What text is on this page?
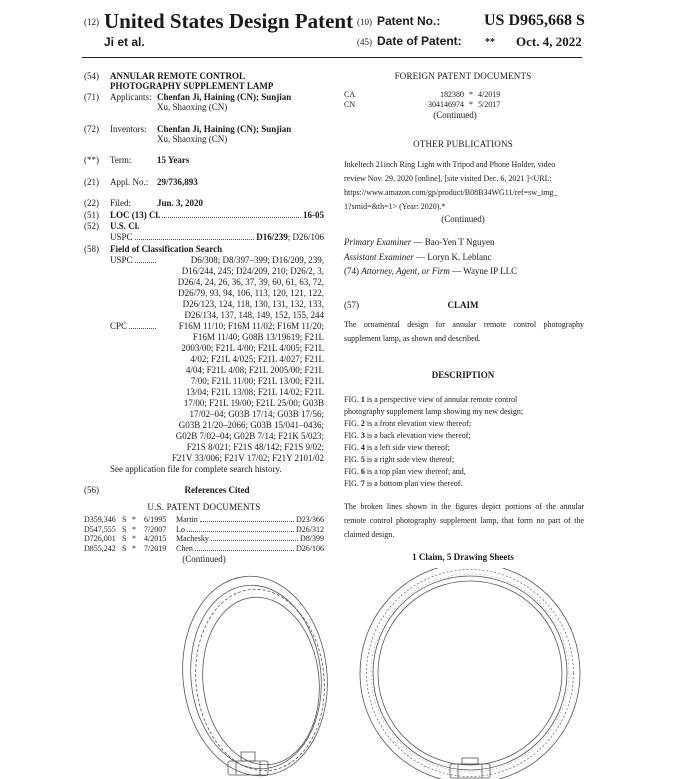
(12) United States Design Patent
Ji et al.
(10) Patent No.:	US D965,668 S
(45) Date of Patent: ** Oct. 4, 2022
(54) ANNULAR REMOTE CONTROL
PHOTOGRAPHY SUPPLEMENT LAMP
(71) Applicants: Chenfan Ji, Haining (CN); Sunjian
Xu, Shaoxing (CN)
(72) Inventors: Chenfan Ji, Haining (CN); Sunjian
Xu, Shaoxing (CN)
(**) Term:	15 Years
(21) Appl. No.: 29/736,893
(22) Filed:	Jun. 3, 2020
(51) LOC (13) Cl.	16-05
(52) U.S. Cl.
USPC	D16/239 ; D26/106
(58) Field of Classification Search
USPC	D6/308; D8/397–399; D16/209, 239,
D16/244, 245; D24/209, 210; D26/2, 3,
D26/4, 24, 26, 36, 37, 39, 60, 61, 63, 72,
D26/79, 93, 94, 106, 113, 120, 121, 122,
D26/123, 124, 118, 130, 131, 132, 133,
D26/134, 137, 148, 149, 152, 155, 244
CPC	F16M 11/10; F16M 11/02; F16M 11/20;
F16M 11/40; G08B 13/19619; F21L
2003/00; F21L 4/00; F21L 4/005; F21L
4/02; F21L 4/025; F21L 4/027; F21L
4/04; F21L 4/08; F21L 2005/00; F21L
7/00; F21L 11/00; F21L 13/00; F21L
13/04; F21L 13/08; F21L 14/02; F21L
17/00; F21L 19/00; F21L 25/00; G03B
17/02–04; G03B 17/14; G03B 17/56;
G03B 21/20–2066; G03B 15/041–0436;
G02B 7/02–04; G02B 7/14; F21K 5/023;
F21S 8/021; F21S 48/142; F21S 9/02;
F21V 33/006; F21V 17/02; F21Y 2101/02
See application file for complete search history.
(56)	References Cited
U.S. PATENT DOCUMENTS
D359,346 S *	6/1995	Martin	D23/366
D547,555 S *	7/2007	Lo	D26/312
D726,001 S *	4/2015	Machesky	D8/399
D855,242 S *	7/2019	Chen	D26/106
(Continued)
FOREIGN PATENT DOCUMENTS
CA	182380 * 4/2019
CN	304146974 * 5/2017
(Continued)
OTHER PUBLICATIONS
Inkeltech 21inch Ring Light with Tripod and Phone Holder, video
review Nov. 29, 2020 [online], [site visited Dec. 6, 2021 ]<URL:
https://www.amazon.com/gp/product/B08B34WG11/ref=sw_img_
1?smid=&th=1> (Year: 2020).*
(Continued)
Primary Examiner — Bao-Yen T Nguyen
Assistant Examiner — Loryn K. Leblanc
(74) Attorney, Agent, or Firm — Wayne IP LLC
(57)	CLAIM
The ornamental design for annular remote control photography supplement lamp, as shown and described.
DESCRIPTION
FIG. 1 is a perspective view of annular remote control
photography supplement lamp showing my new design;
FIG. 2 is a front elevation view thereof;
FIG. 3 is a back elevation view thereof;
FIG. 4 is a left side view thereof;
FIG. 5 is a right side view thereof;
FIG. 6 is a top plan view thereof; and,
FIG. 7 is a bottom plan view thereof.
The broken lines shown in the figures depict portions of the annular remote control photography supplement lamp, that form no part of the claimed design.
1 Claim, 5 Drawing Sheets
